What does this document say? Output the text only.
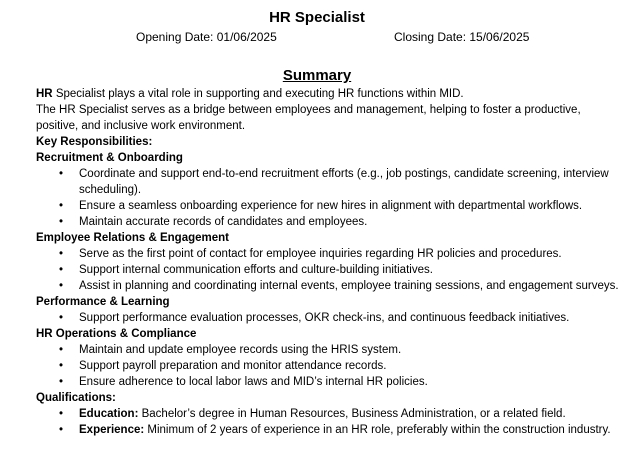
HR Specialist
Opening Date: 01/06/2025	Closing Date: 15/06/2025
Summary

HR Specialist plays a vital role in supporting and executing HR functions within MID.

The HR Specialist serves as a bridge between employees and management, helping to foster a productive, positive, and inclusive work environment.

Key Responsibilities:

Recruitment & Onboarding

• Coordinate and support end-to-end recruitment efforts (e.g., job postings, candidate screening, interview scheduling).
• Ensure a seamless onboarding experience for new hires in alignment with departmental workflows.
• Maintain accurate records of candidates and employees.

Employee Relations & Engagement

• Serve as the first point of contact for employee inquiries regarding HR policies and procedures.
• Support internal communication efforts and culture-building initiatives.
• Assist in planning and coordinating internal events, employee training sessions, and engagement surveys.

Performance & Learning

• Support performance evaluation processes, OKR check-ins, and continuous feedback initiatives.

HR Operations & Compliance

• Maintain and update employee records using the HRIS system.
• Support payroll preparation and monitor attendance records.
• Ensure adherence to local labor laws and MID’s internal HR policies.

Qualifications:

• Education: Bachelor’s degree in Human Resources, Business Administration, or a related field.
• Experience: Minimum of 2 years of experience in an HR role, preferably within the construction industry.
